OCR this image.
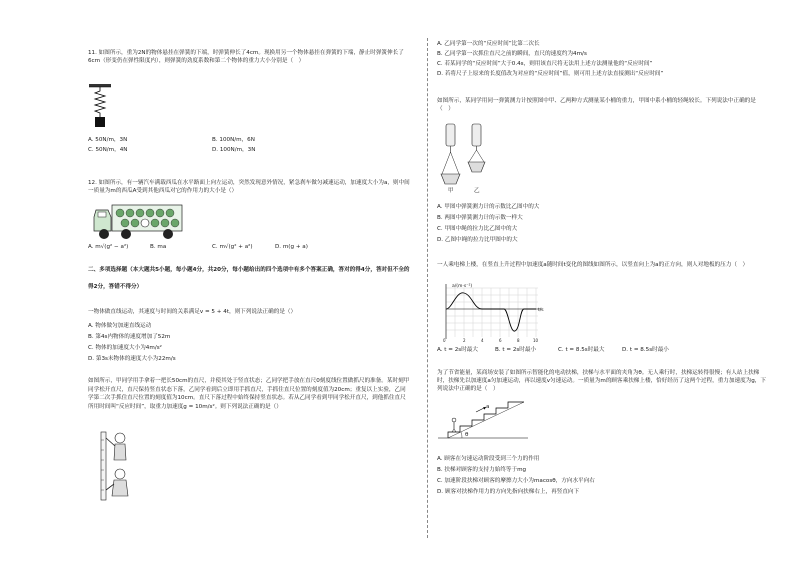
11. 如图所示，重为2N的物体悬挂在弹簧的下端，时弹簧伸长了4cm。现换用另一个物体悬挂在弹簧的下端，静止时弹簧伸长了6cm（形变仍在弹性限度内），则弹簧的劲度系数和第二个物体的重力大小分别是（　）
A. 50N/m，3N	B. 100N/m，6N
C. 50N/m，4N	D. 100N/m，3N
12. 如图所示，有一辆汽车满载西瓜在水平路面上向左运动，突然发现意外情况，紧急刹车做匀减速运动，加速度大小为a，则中间一质量为m的西瓜A受到其他西瓜对它的作用力的大小是（）
A. m√(g² − a²)	B. ma	C. m√(g² + a²)	D. m(g + a)
二、多项选择题（本大题共5小题，每小题4分，共20分，每小题给出的四个选项中有多个答案正确，答对的得4分，答对但不全的得2分，答错不得分）
一物体做直线运动，其速度与时间的关系满足v = 5 + 4t，则下列说法正确的是（）
A. 物体做匀加速直线运动
B. 第4s内物体的速度增加了52m
C. 物体的加速度大小为4m/s²
D. 第3s末物体的速度大小为22m/s
如图所示，甲同学用手拿着一把长50cm的直尺，并使其处于竖直状态；乙同学把手放在直尺0刻度线位置做抓尺的准备。某时刻甲同学松开直尺，直尺保持竖直状态下落，乙同学看到后立即用手抓直尺，手抓住直尺位置的刻度值为20cm；重复以上实验，乙同学第二次手抓住直尺位置的刻度值为10cm。直尺下落过程中始终保持竖直状态。若从乙同学看到甲同学松开直尺，到他抓住直尺所用时间叫“反应时间”，取重力加速度g = 10m/s²。则下列说法正确的是（）
A. 乙同学第一次的“反应时间”比第二次长
B. 乙同学第一次抓住直尺之前的瞬间，直尺的速度约为4m/s
C. 若某同学的“反应时间”大于0.4s，则用该直尺将无法用上述方法测量他的“反应时间”
D. 若将尺子上原来的长度值改为对应的“反应时间”值，则可用上述方法直接测出“反应时间”
如图所示，某同学用同一弹簧测力计按照图中甲、乙两种方式测量某小桶的重力，甲图中系小桶的轻绳较长。下列说法中正确的是（　）
甲	乙
A. 甲图中弹簧测力计的示数比乙图中的大
B. 两图中弹簧测力计的示数一样大
C. 甲图中绳的拉力比乙图中的大
D. 乙图中绳的拉力比甲图中的大
一人乘电梯上楼，在竖直上升过程中加速度a随时间t变化的图线如图所示，以竖直向上为a的正方向，则人对地板的压力（　）
a/(m·s⁻²)
t/s
0	2	4	6	8	10
A. t = 2s时最大	B. t = 2s时最小	C. t = 8.5s时最大	D. t = 8.5s时最小
为了节省能量，某商场安装了如图所示智能化的电动扶梯，扶梯与水平面的夹角为θ。无人乘行时，扶梯运转得很慢；有人站上扶梯时，扶梯先以加速度a匀加速运动，再以速度v匀速运动。一质量为m的顾客乘扶梯上楼，恰好经历了这两个过程，重力加速度为g，下列说法中正确的是（　）
a
θ
A. 顾客在匀速运动阶段受到三个力的作用
B. 扶梯对顾客的支持力始终等于mg
C. 加速阶段扶梯对顾客的摩擦力大小为macosθ，方向水平向右
D. 顾客对扶梯作用力的方向先指向扶梯右上，再竖直向下
